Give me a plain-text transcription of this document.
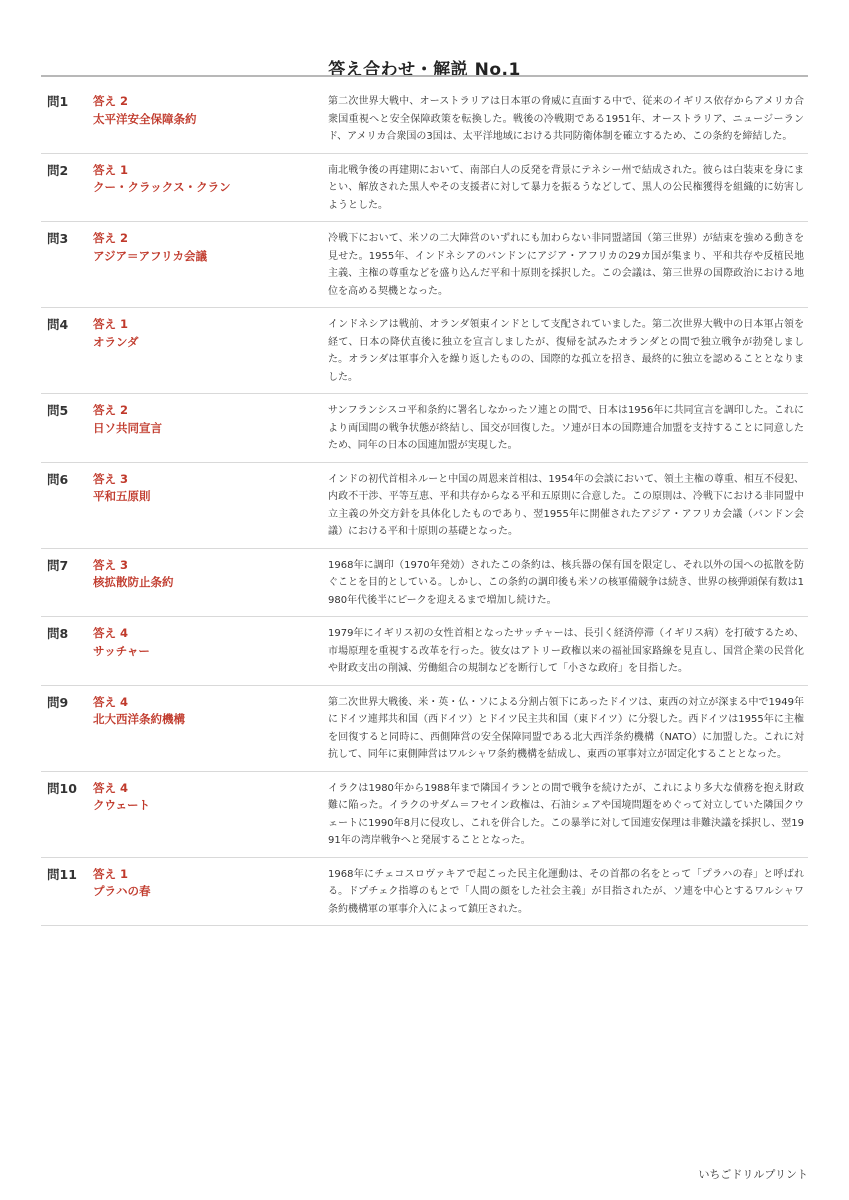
答え合わせ・解説 No.1
問1	答え 2
太平洋安全保障条約
第二次世界大戦中、オーストラリアは日本軍の脅威に直面する中で、従来のイギリス依存からアメリカ合衆国重視へと安全保障政策を転換した。戦後の冷戦期である1951年、オーストラリア、ニュージーランド、アメリカ合衆国の3国は、太平洋地域における共同防衛体制を確立するため、この条約を締結した。
問2	答え 1
クー・クラックス・クラン
南北戦争後の再建期において、南部白人の反発を背景にテネシー州で結成された。彼らは白装束を身にまとい、解放された黒人やその支援者に対して暴力を振るうなどして、黒人の公民権獲得を組織的に妨害しようとした。
問3	答え 2
アジア＝アフリカ会議
冷戦下において、米ソの二大陣営のいずれにも加わらない非同盟諸国（第三世界）が結束を強める動きを見せた。1955年、インドネシアのバンドンにアジア・アフリカの29カ国が集まり、平和共存や反植民地主義、主権の尊重などを盛り込んだ平和十原則を採択した。この会議は、第三世界の国際政治における地位を高める契機となった。
問4	答え 1
オランダ
インドネシアは戦前、オランダ領東インドとして支配されていました。第二次世界大戦中の日本軍占領を経て、日本の降伏直後に独立を宣言しましたが、復帰を試みたオランダとの間で独立戦争が勃発しました。オランダは軍事介入を繰り返したものの、国際的な孤立を招き、最終的に独立を認めることとなりました。
問5	答え 2
日ソ共同宣言
サンフランシスコ平和条約に署名しなかったソ連との間で、日本は1956年に共同宣言を調印した。これにより両国間の戦争状態が終結し、国交が回復した。ソ連が日本の国際連合加盟を支持することに同意したため、同年の日本の国連加盟が実現した。
問6	答え 3
平和五原則
インドの初代首相ネルーと中国の周恩来首相は、1954年の会談において、領土主権の尊重、相互不侵犯、内政不干渉、平等互恵、平和共存からなる平和五原則に合意した。この原則は、冷戦下における非同盟中立主義の外交方針を具体化したものであり、翌1955年に開催されたアジア・アフリカ会議（バンドン会議）における平和十原則の基礎となった。
問7	答え 3
核拡散防止条約
1968年に調印（1970年発効）されたこの条約は、核兵器の保有国を限定し、それ以外の国への拡散を防ぐことを目的としている。しかし、この条約の調印後も米ソの核軍備競争は続き、世界の核弾頭保有数は1980年代後半にピークを迎えるまで増加し続けた。
問8	答え 4
サッチャー
1979年にイギリス初の女性首相となったサッチャーは、長引く経済停滞（イギリス病）を打破するため、市場原理を重視する改革を行った。彼女はアトリー政権以来の福祉国家路線を見直し、国営企業の民営化や財政支出の削減、労働組合の規制などを断行して「小さな政府」を目指した。
問9	答え 4
北大西洋条約機構
第二次世界大戦後、米・英・仏・ソによる分割占領下にあったドイツは、東西の対立が深まる中で1949年にドイツ連邦共和国（西ドイツ）とドイツ民主共和国（東ドイツ）に分裂した。西ドイツは1955年に主権を回復すると同時に、西側陣営の安全保障同盟である北大西洋条約機構（NATO）に加盟した。これに対抗して、同年に東側陣営はワルシャワ条約機構を結成し、東西の軍事対立が固定化することとなった。
問10	答え 4
クウェート
イラクは1980年から1988年まで隣国イランとの間で戦争を続けたが、これにより多大な債務を抱え財政難に陥った。イラクのサダム＝フセイン政権は、石油シェアや国境問題をめぐって対立していた隣国クウェートに1990年8月に侵攻し、これを併合した。この暴挙に対して国連安保理は非難決議を採択し、翌1991年の湾岸戦争へと発展することとなった。
問11	答え 1
プラハの春
1968年にチェコスロヴァキアで起こった民主化運動は、その首都の名をとって「プラハの春」と呼ばれる。ドプチェク指導のもとで「人間の顔をした社会主義」が目指されたが、ソ連を中心とするワルシャワ条約機構軍の軍事介入によって鎮圧された。
いちごドリルプリント
